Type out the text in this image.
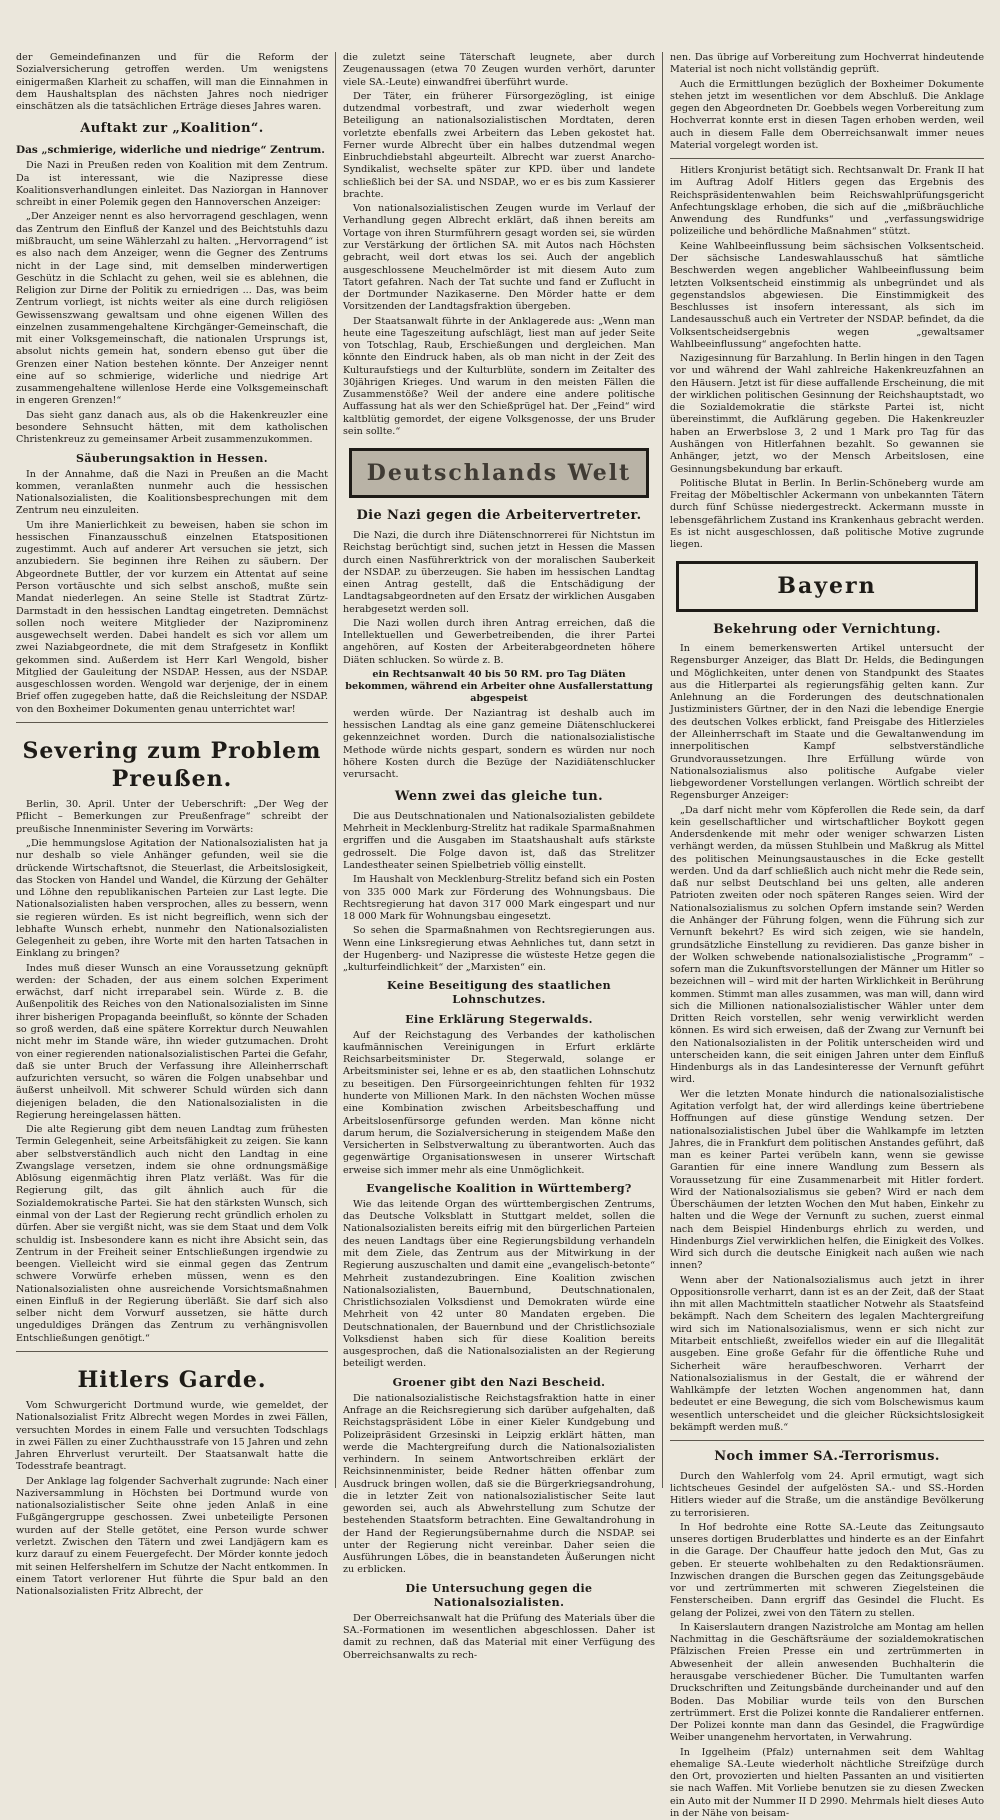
der Gemeindefinanzen und für die Reform der Sozialversicherung getroffen werden. Um wenigstens einigermaßen Klarheit zu schaffen, will man die Einnahmen in dem Haushaltsplan des nächsten Jahres noch niedriger einschätzen als die tatsächlichen Erträge dieses Jahres waren.

Auftakt zur „Koalition“.
Das „schmierige, widerliche und niedrige“ Zentrum.

Die Nazi in Preußen reden von Koalition mit dem Zentrum. Da ist interessant, wie die Nazipresse diese Koalitionsverhandlungen einleitet. Das Naziorgan in Hannover schreibt in einer Polemik gegen den Hannoverschen Anzeiger:

„Der Anzeiger nennt es also hervorragend geschlagen, wenn das Zentrum den Einfluß der Kanzel und des Beichtstuhls dazu mißbraucht, um seine Wählerzahl zu halten. „Hervorragend“ ist es also nach dem Anzeiger, wenn die Gegner des Zentrums nicht in der Lage sind, mit demselben minderwertigen Geschütz in die Schlacht zu gehen, weil sie es ablehnen, die Religion zur Dirne der Politik zu erniedrigen ... Das, was beim Zentrum vorliegt, ist nichts weiter als eine durch religiösen Gewissenszwang gewaltsam und ohne eigenen Willen des einzelnen zusammengehaltene Kirchgänger-Gemeinschaft, die mit einer Volksgemeinschaft, die nationalen Ursprungs ist, absolut nichts gemein hat, sondern ebenso gut über die Grenzen einer Nation bestehen könnte. Der Anzeiger nennt eine auf so schmierige, widerliche und niedrige Art zusammengehaltene willenlose Herde eine Volksgemeinschaft in engeren Grenzen!“

Das sieht ganz danach aus, als ob die Hakenkreuzler eine besondere Sehnsucht hätten, mit dem katholischen Christenkreuz zu gemeinsamer Arbeit zusammenzukommen.

Säuberungsaktion in Hessen.

In der Annahme, daß die Nazi in Preußen an die Macht kommen, veranlaßten nunmehr auch die hessischen Nationalsozialisten, die Koalitionsbesprechungen mit dem Zentrum neu einzuleiten.

Um ihre Manierlichkeit zu beweisen, haben sie schon im hessischen Finanzausschuß einzelnen Etatspositionen zugestimmt. Auch auf anderer Art versuchen sie jetzt, sich anzubiedern. Sie beginnen ihre Reihen zu säubern. Der Abgeordnete Buttler, der vor kurzem ein Attentat auf seine Person vortäuschte und sich selbst anschoß, mußte sein Mandat niederlegen. An seine Stelle ist Stadtrat Zürtz-Darmstadt in den hessischen Landtag eingetreten. Demnächst sollen noch weitere Mitglieder der Naziprominenz ausgewechselt werden. Dabei handelt es sich vor allem um zwei Naziabgeordnete, die mit dem Strafgesetz in Konflikt gekommen sind. Außerdem ist Herr Karl Wengold, bisher Mitglied der Gauleitung der NSDAP. Hessen, aus der NSDAP. ausgeschlossen worden. Wengold war derjenige, der in einem Brief offen zugegeben hatte, daß die Reichsleitung der NSDAP. von den Boxheimer Dokumenten genau unterrichtet war!

Severing zum Problem Preußen.

Berlin, 30. April. Unter der Ueberschrift: „Der Weg der Pflicht – Bemerkungen zur Preußenfrage“ schreibt der preußische Innenminister Severing im Vorwärts:

„Die hemmungslose Agitation der Nationalsozialisten hat ja nur deshalb so viele Anhänger gefunden, weil sie die drückende Wirtschaftsnot, die Steuerlast, die Arbeitslosigkeit, das Stocken von Handel und Wandel, die Kürzung der Gehälter und Löhne den republikanischen Parteien zur Last legte. Die Nationalsozialisten haben versprochen, alles zu bessern, wenn sie regieren würden. Es ist nicht begreiflich, wenn sich der lebhafte Wunsch erhebt, nunmehr den Nationalsozialisten Gelegenheit zu geben, ihre Worte mit den harten Tatsachen in Einklang zu bringen?

Indes muß dieser Wunsch an eine Voraussetzung geknüpft werden: der Schaden, der aus einem solchen Experiment erwächst, darf nicht irreparabel sein. Würde z. B. die Außenpolitik des Reiches von den Nationalsozialisten im Sinne ihrer bisherigen Propaganda beeinflußt, so könnte der Schaden so groß werden, daß eine spätere Korrektur durch Neuwahlen nicht mehr im Stande wäre, ihn wieder gutzumachen. Droht von einer regierenden nationalsozialistischen Partei die Gefahr, daß sie unter Bruch der Verfassung ihre Alleinherrschaft aufzurichten versucht, so wären die Folgen unabsehbar und äußerst unheilvoll. Mit schwerer Schuld würden sich dann diejenigen beladen, die den Nationalsozialisten in die Regierung hereingelassen hätten.

Die alte Regierung gibt dem neuen Landtag zum frühesten Termin Gelegenheit, seine Arbeitsfähigkeit zu zeigen. Sie kann aber selbstverständlich auch nicht den Landtag in eine Zwangslage versetzen, indem sie ohne ordnungsmäßige Ablösung eigenmächtig ihren Platz verläßt. Was für die Regierung gilt, das gilt ähnlich auch für die Sozialdemokratische Partei. Sie hat den stärksten Wunsch, sich einmal von der Last der Regierung recht gründlich erholen zu dürfen. Aber sie vergißt nicht, was sie dem Staat und dem Volk schuldig ist. Insbesondere kann es nicht ihre Absicht sein, das Zentrum in der Freiheit seiner Entschließungen irgendwie zu beengen. Vielleicht wird sie einmal gegen das Zentrum schwere Vorwürfe erheben müssen, wenn es den Nationalsozialisten ohne ausreichende Vorsichtsmaßnahmen einen Einfluß in der Regierung überläßt. Sie darf sich also selber nicht dem Vorwurf aussetzen, sie hätte durch ungeduldiges Drängen das Zentrum zu verhängnisvollen Entschließungen genötigt.“

Hitlers Garde.

Vom Schwurgericht Dortmund wurde, wie gemeldet, der Nationalsozialist Fritz Albrecht wegen Mordes in zwei Fällen, versuchten Mordes in einem Falle und versuchten Todschlags in zwei Fällen zu einer Zuchthausstrafe von 15 Jahren und zehn Jahren Ehrverlust verurteilt. Der Staatsanwalt hatte die Todesstrafe beantragt.

Der Anklage lag folgender Sachverhalt zugrunde: Nach einer Naziversammlung in Höchsten bei Dortmund wurde von nationalsozialistischer Seite ohne jeden Anlaß in eine Fußgängergruppe geschossen. Zwei unbeteiligte Personen wurden auf der Stelle getötet, eine Person wurde schwer verletzt. Zwischen den Tätern und zwei Landjägern kam es kurz darauf zu einem Feuergefecht. Der Mörder konnte jedoch mit seinen Helfershelfern im Schutze der Nacht entkommen. In einem Tatort verlorener Hut führte die Spur bald an den Nationalsozialisten Fritz Albrecht, der

die zuletzt seine Täterschaft leugnete, aber durch Zeugenaussagen (etwa 70 Zeugen wurden verhört, darunter viele SA.-Leute) einwandfrei überführt wurde.

Der Täter, ein früherer Fürsorgezögling, ist einige dutzendmal vorbestraft, und zwar wiederholt wegen Beteiligung an nationalsozialistischen Mordtaten, deren vorletzte ebenfalls zwei Arbeitern das Leben gekostet hat. Ferner wurde Albrecht über ein halbes dutzendmal wegen Einbruchdiebstahl abgeurteilt. Albrecht war zuerst Anarcho-Syndikalist, wechselte später zur KPD. über und landete schließlich bei der SA. und NSDAP., wo er es bis zum Kassierer brachte.

Von nationalsozialistischen Zeugen wurde im Verlauf der Verhandlung gegen Albrecht erklärt, daß ihnen bereits am Vortage von ihren Sturmführern gesagt worden sei, sie würden zur Verstärkung der örtlichen SA. mit Autos nach Höchsten gebracht, weil dort etwas los sei. Auch der angeblich ausgeschlossene Meuchelmörder ist mit diesem Auto zum Tatort gefahren. Nach der Tat suchte und fand er Zuflucht in der Dortmunder Nazikaserne. Den Mörder hatte er dem Vorsitzenden der Landtagsfraktion übergeben.

Der Staatsanwalt führte in der Anklagerede aus: „Wenn man heute eine Tageszeitung aufschlägt, liest man auf jeder Seite von Totschlag, Raub, Erschießungen und dergleichen. Man könnte den Eindruck haben, als ob man nicht in der Zeit des Kulturaufstiegs und der Kulturblüte, sondern im Zeitalter des 30jährigen Krieges. Und warum in den meisten Fällen die Zusammenstöße? Weil der andere eine andere politische Auffassung hat als wer den Schießprügel hat. Der „Feind“ wird kaltblütig gemordet, der eigene Volksgenosse, der uns Bruder sein sollte.“

Deutschlands Welt
Die Nazi gegen die Arbeitervertreter.

Die Nazi, die durch ihre Diätenschnorrerei für Nichtstun im Reichstag berüchtigt sind, suchen jetzt in Hessen die Massen durch einen Nasführerktrick von der moralischen Sauberkeit der NSDAP. zu überzeugen. Sie haben im hessischen Landtag einen Antrag gestellt, daß die Entschädigung der Landtagsabgeordneten auf den Ersatz der wirklichen Ausgaben herabgesetzt werden soll.

Die Nazi wollen durch ihren Antrag erreichen, daß die Intellektuellen und Gewerbetreibenden, die ihrer Partei angehören, auf Kosten der Arbeiterabgeordneten höhere Diäten schlucken. So würde z. B.

ein Rechtsanwalt 40 bis 50 RM. pro Tag Diäten bekommen, während ein Arbeiter ohne Ausfallerstattung abgespeist

werden würde. Der Naziantrag ist deshalb auch im hessischen Landtag als eine ganz gemeine Diätenschluckerei gekennzeichnet worden. Durch die nationalsozialistische Methode würde nichts gespart, sondern es würden nur noch höhere Kosten durch die Bezüge der Nazidiätenschlucker verursacht.

Wenn zwei das gleiche tun.

Die aus Deutschnationalen und Nationalsozialisten gebildete Mehrheit in Mecklenburg-Strelitz hat radikale Sparmaßnahmen ergriffen und die Ausgaben im Staatshaushalt aufs stärkste gedrosselt. Die Folge davon ist, daß das Strelitzer Landestheater seinen Spielbetrieb völlig einstellt.

Im Haushalt von Mecklenburg-Strelitz befand sich ein Posten von 335 000 Mark zur Förderung des Wohnungsbaus. Die Rechtsregierung hat davon 317 000 Mark eingespart und nur 18 000 Mark für Wohnungsbau eingesetzt.

So sehen die Sparmaßnahmen von Rechtsregierungen aus. Wenn eine Linksregierung etwas Aehnliches tut, dann setzt in der Hugenberg- und Nazipresse die wüsteste Hetze gegen die „kulturfeindlichkeit“ der „Marxisten“ ein.

Keine Beseitigung des staatlichen Lohnschutzes.
Eine Erklärung Stegerwalds.

Auf der Reichstagung des Verbandes der katholischen kaufmännischen Vereinigungen in Erfurt erklärte Reichsarbeitsminister Dr. Stegerwald, solange er Arbeitsminister sei, lehne er es ab, den staatlichen Lohnschutz zu beseitigen. Den Fürsorgeeinrichtungen fehlten für 1932 hunderte von Millionen Mark. In den nächsten Wochen müsse eine Kombination zwischen Arbeitsbeschaffung und Arbeitslosenfürsorge gefunden werden. Man könne nicht darum herum, die Sozialversicherung in steigendem Maße den Versicherten in Selbstverwaltung zu überantworten. Auch das gegenwärtige Organisationswesen in unserer Wirtschaft erweise sich immer mehr als eine Unmöglichkeit.

Evangelische Koalition in Württemberg?

Wie das leitende Organ des württembergischen Zentrums, das Deutsche Volksblatt in Stuttgart meldet, sollen die Nationalsozialisten bereits eifrig mit den bürgerlichen Parteien des neuen Landtags über eine Regierungsbildung verhandeln mit dem Ziele, das Zentrum aus der Mitwirkung in der Regierung auszuschalten und damit eine „evangelisch-betonte“ Mehrheit zustandezubringen. Eine Koalition zwischen Nationalsozialisten, Bauernbund, Deutschnationalen, Christlichsozialen Volksdienst und Demokraten würde eine Mehrheit von 42 unter 80 Mandaten ergeben. Die Deutschnationalen, der Bauernbund und der Christlichsoziale Volksdienst haben sich für diese Koalition bereits ausgesprochen, daß die Nationalsozialisten an der Regierung beteiligt werden.

Groener gibt den Nazi Bescheid.

Die nationalsozialistische Reichstagsfraktion hatte in einer Anfrage an die Reichsregierung sich darüber aufgehalten, daß Reichstagspräsident Löbe in einer Kieler Kundgebung und Polizeipräsident Grzesinski in Leipzig erklärt hätten, man werde die Machtergreifung durch die Nationalsozialisten verhindern. In seinem Antwortschreiben erklärt der Reichsinnenminister, beide Redner hätten offenbar zum Ausdruck bringen wollen, daß sie die Bürgerkriegsandrohung, die in letzter Zeit von nationalsozialistischer Seite laut geworden sei, auch als Abwehrstellung zum Schutze der bestehenden Staatsform betrachten. Eine Gewaltandrohung in der Hand der Regierungsübernahme durch die NSDAP. sei unter der Regierung nicht vereinbar. Daher seien die Ausführungen Löbes, die in beanstandeten Äußerungen nicht zu erblicken.

Die Untersuchung gegen die Nationalsozialisten.

Der Oberreichsanwalt hat die Prüfung des Materials über die SA.-Formationen im wesentlichen abgeschlossen. Daher ist damit zu rechnen, daß das Material mit einer Verfügung des Oberreichsanwalts zu rech-

nen. Das übrige auf Vorbereitung zum Hochverrat hindeutende Material ist noch nicht vollständig geprüft.

Auch die Ermittlungen bezüglich der Boxheimer Dokumente stehen jetzt im wesentlichen vor dem Abschluß. Die Anklage gegen den Abgeordneten Dr. Goebbels wegen Vorbereitung zum Hochverrat konnte erst in diesen Tagen erhoben werden, weil auch in diesem Falle dem Oberreichsanwalt immer neues Material vorgelegt worden ist.

Hitlers Kronjurist betätigt sich. Rechtsanwalt Dr. Frank II hat im Auftrag Adolf Hitlers gegen das Ergebnis des Reichspräsidentenwahlen beim Reichswahlprüfungsgericht Anfechtungsklage erhoben, die sich auf die „mißbräuchliche Anwendung des Rundfunks“ und „verfassungswidrige polizeiliche und behördliche Maßnahmen“ stützt.

Keine Wahlbeeinflussung beim sächsischen Volksentscheid. Der sächsische Landeswahlausschuß hat sämtliche Beschwerden wegen angeblicher Wahlbeeinflussung beim letzten Volksentscheid einstimmig als unbegründet und als gegenstandslos abgewiesen. Die Einstimmigkeit des Beschlusses ist insofern interessant, als sich im Landesausschuß auch ein Vertreter der NSDAP. befindet, da die Volksentscheidsergebnis wegen „gewaltsamer Wahlbeeinflussung“ angefochten hatte.

Nazigesinnung für Barzahlung. In Berlin hingen in den Tagen vor und während der Wahl zahlreiche Hakenkreuzfahnen an den Häusern. Jetzt ist für diese auffallende Erscheinung, die mit der wirklichen politischen Gesinnung der Reichshauptstadt, wo die Sozialdemokratie die stärkste Partei ist, nicht übereinstimmt, die Aufklärung gegeben. Die Hakenkreuzler haben an Erwerbslose 3, 2 und 1 Mark pro Tag für das Aushängen von Hitlerfahnen bezahlt. So gewannen sie Anhänger, jetzt, wo der Mensch Arbeitslosen, eine Gesinnungsbekundung bar erkauft.

Politische Blutat in Berlin. In Berlin-Schöneberg wurde am Freitag der Möbeltischler Ackermann von unbekannten Tätern durch fünf Schüsse niedergestreckt. Ackermann musste in lebensgefährlichem Zustand ins Krankenhaus gebracht werden. Es ist nicht ausgeschlossen, daß politische Motive zugrunde liegen.

Bayern
Bekehrung oder Vernichtung.

In einem bemerkenswerten Artikel untersucht der Regensburger Anzeiger, das Blatt Dr. Helds, die Bedingungen und Möglichkeiten, unter denen von Standpunkt des Staates aus die Hitlerpartei als regierungsfähig gelten kann. Zur Anlehnung an die Forderungen des deutschnationalen Justizministers Gürtner, der in den Nazi die lebendige Energie des deutschen Volkes erblickt, fand Preisgabe des Hitlerzieles der Alleinherrschaft im Staate und die Gewaltanwendung im innerpolitischen Kampf selbstverständliche Grundvoraussetzungen. Ihre Erfüllung würde von Nationalsozialismus also politische Aufgabe vieler liebgewordener Vorstellungen verlangen. Wörtlich schreibt der Regensburger Anzeiger:

„Da darf nicht mehr vom Köpferollen die Rede sein, da darf kein gesellschaftlicher und wirtschaftlicher Boykott gegen Andersdenkende mit mehr oder weniger schwarzen Listen verhängt werden, da müssen Stuhlbein und Maßkrug als Mittel des politischen Meinungsaustausches in die Ecke gestellt werden. Und da darf schließlich auch nicht mehr die Rede sein, daß nur selbst Deutschland bei uns gelten, alle anderen Patrioten zweiten oder noch späteren Ranges seien. Wird der Nationalsozialismus zu solchen Opfern imstande sein? Werden die Anhänger der Führung folgen, wenn die Führung sich zur Vernunft bekehrt? Es wird sich zeigen, wie sie handeln, grundsätzliche Einstellung zu revidieren. Das ganze bisher in der Wolken schwebende nationalsozialistische „Programm“ – sofern man die Zukunftsvorstellungen der Männer um Hitler so bezeichnen will – wird mit der harten Wirklichkeit in Berührung kommen. Stimmt man alles zusammen, was man will, dann wird sich die Millionen nationalsozialistischer Wähler unter dem Dritten Reich vorstellen, sehr wenig verwirklicht werden können. Es wird sich erweisen, daß der Zwang zur Vernunft bei den Nationalsozialisten in der Politik unterscheiden wird und unterscheiden kann, die seit einigen Jahren unter dem Einfluß Hindenburgs als in das Landesinteresse der Vernunft geführt wird.

Wer die letzten Monate hindurch die nationalsozialistische Agitation verfolgt hat, der wird allerdings keine übertriebene Hoffnungen auf diese günstige Wendung setzen. Der nationalsozialistischen Jubel über die Wahlkampfe im letzten Jahres, die in Frankfurt dem politischen Anstandes geführt, daß man es keiner Partei verübeln kann, wenn sie gewisse Garantien für eine innere Wandlung zum Bessern als Voraussetzung für eine Zusammenarbeit mit Hitler fordert. Wird der Nationalsozialismus sie geben? Wird er nach dem Überschäumen der letzten Wochen den Mut haben, Einkehr zu halten und die Wege der Vernunft zu suchen, zuerst einmal nach dem Beispiel Hindenburgs ehrlich zu werden, und Hindenburgs Ziel verwirklichen helfen, die Einigkeit des Volkes. Wird sich durch die deutsche Einigkeit nach außen wie nach innen?

Wenn aber der Nationalsozialismus auch jetzt in ihrer Oppositionsrolle verharrt, dann ist es an der Zeit, daß der Staat ihn mit allen Machtmitteln staatlicher Notwehr als Staatsfeind bekämpft. Nach dem Scheitern des legalen Machtergreifung wird sich im Nationalsozialismus, wenn er sich nicht zur Mitarbeit entschließt, zweifellos wieder ein auf die Illegalität ausgeben. Eine große Gefahr für die öffentliche Ruhe und Sicherheit wäre heraufbeschworen. Verharrt der Nationalsozialismus in der Gestalt, die er während der Wahlkämpfe der letzten Wochen angenommen hat, dann bedeutet er eine Bewegung, die sich vom Bolschewismus kaum wesentlich unterscheidet und die gleicher Rücksichtslosigkeit bekämpft werden muß.“

Noch immer SA.-Terrorismus.

Durch den Wahlerfolg vom 24. April ermutigt, wagt sich lichtscheues Gesindel der aufgelösten SA.- und SS.-Horden Hitlers wieder auf die Straße, um die anständige Bevölkerung zu terrorisieren.

In Hof bedrohte eine Rotte SA.-Leute das Zeitungsauto unseres dortigen Bruderblattes und hinderte es an der Einfahrt in die Garage. Der Chauffeur hatte jedoch den Mut, Gas zu geben. Er steuerte wohlbehalten zu den Redaktionsräumen. Inzwischen drangen die Burschen gegen das Zeitungsgebäude vor und zertrümmerten mit schweren Ziegelsteinen die Fensterscheiben. Dann ergriff das Gesindel die Flucht. Es gelang der Polizei, zwei von den Tätern zu stellen.

In Kaiserslautern drangen Nazistrolche am Montag am hellen Nachmittag in die Geschäftsräume der sozialdemokratischen Pfälzischen Freien Presse ein und zertrümmerten in Abwesenheit der allein anwesenden Buchhalterin die herausgabe verschiedener Bücher. Die Tumultanten warfen Druckschriften und Zeitungsbände durcheinander und auf den Boden. Das Mobiliar wurde teils von den Burschen zertrümmert. Erst die Polizei konnte die Randalierer entfernen. Der Polizei konnte man dann das Gesindel, die Fragwürdige Weiber unangenehm hervortaten, in Verwahrung.

In Iggelheim (Pfalz) unternahmen seit dem Wahltag ehemalige SA.-Leute wiederholt nächtliche Streifzüge durch den Ort, provozierten und hielten Passanten an und visitierten sie nach Waffen. Mit Vorliebe benutzen sie zu diesen Zwecken ein Auto mit der Nummer II D 2990. Mehrmals hielt dieses Auto in der Nähe von beisam-
